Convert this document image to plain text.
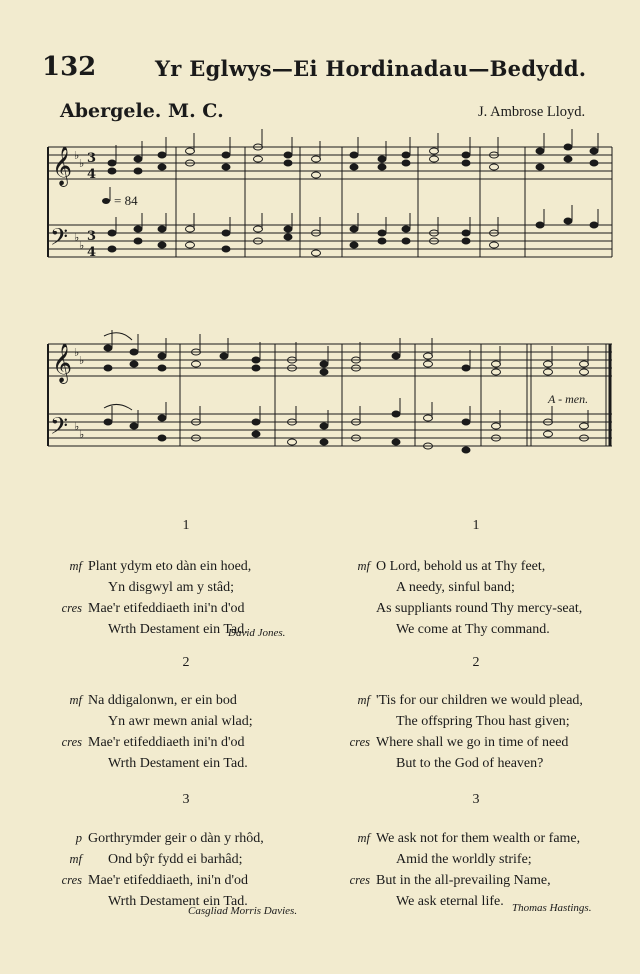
132	Yr Eglwys—Ei Hordinadau—Bedydd.
Abergele. M. C.	J. Ambrose Lloyd.
𝄞
𝄢
♭
♭
♭
♭
3
4
3
4
= 84
𝄞
𝄢
♭
♭
♭
♭
A - men.
1
mf Plant ydym eto dàn ein hoed,
Yn disgwyl am y stâd;
cres Mae'r etifeddiaeth ini'n d'od
Wrth Destament ein Tad.
David Jones.
2
mf Na ddigalonwn, er ein bod
Yn awr mewn anial wlad;
cres Mae'r etifeddiaeth ini'n d'od
Wrth Destament ein Tad.
3
p Gorthrymder geir o dàn y rhôd,
mf Ond bŷr fydd ei barhâd;
cres Mae'r etifeddiaeth, ini'n d'od
Wrth Destament ein Tad.
Casgliad Morris Davies.
1
mf O Lord, behold us at Thy feet,
A needy, sinful band;
As suppliants round Thy mercy-seat,
We come at Thy command.
2
mf 'Tis for our children we would plead,
The offspring Thou hast given;
cres Where shall we go in time of need
But to the God of heaven?
3
mf We ask not for them wealth or fame,
Amid the worldly strife;
cres But in the all-prevailing Name,
We ask eternal life. Thomas Hastings.
